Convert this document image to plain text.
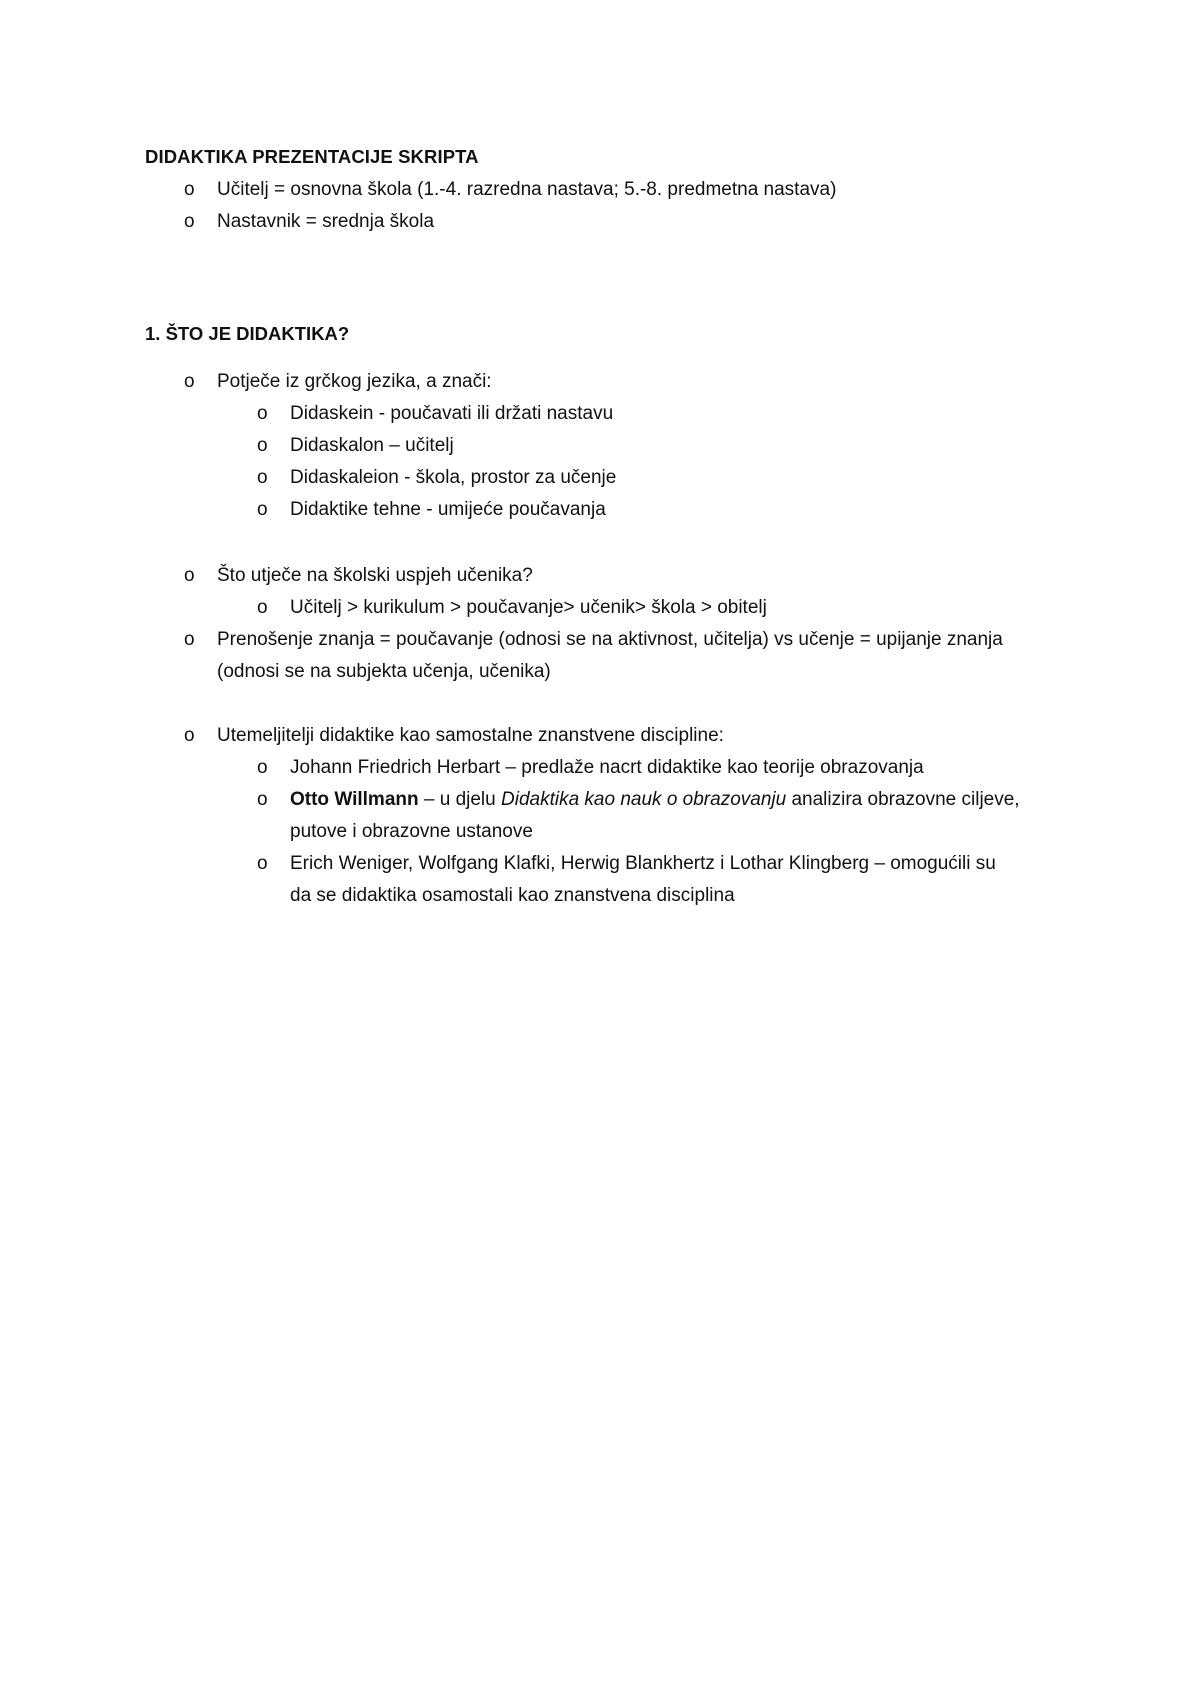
DIDAKTIKA PREZENTACIJE SKRIPTA
o Učitelj = osnovna škola (1.-4. razredna nastava; 5.-8. predmetna nastava)
o Nastavnik = srednja škola
1. ŠTO JE DIDAKTIKA?
o Potječe iz grčkog jezika, a znači:
o Didaskein - poučavati ili držati nastavu
o Didaskalon – učitelj
o Didaskaleion - škola, prostor za učenje
o Didaktike tehne - umijeće poučavanja
o Što utječe na školski uspjeh učenika?
o Učitelj > kurikulum > poučavanje> učenik> škola > obitelj
o Prenošenje znanja = poučavanje (odnosi se na aktivnost, učitelja) vs učenje = upijanje znanja
(odnosi se na subjekta učenja, učenika)
o Utemeljitelji didaktike kao samostalne znanstvene discipline:
o Johann Friedrich Herbart – predlaže nacrt didaktike kao teorije obrazovanja
o Otto Willmann – u djelu Didaktika kao nauk o obrazovanju analizira obrazovne ciljeve,
putove i obrazovne ustanove
o Erich Weniger, Wolfgang Klafki, Herwig Blankhertz i Lothar Klingberg – omogućili su
da se didaktika osamostali kao znanstvena disciplina
